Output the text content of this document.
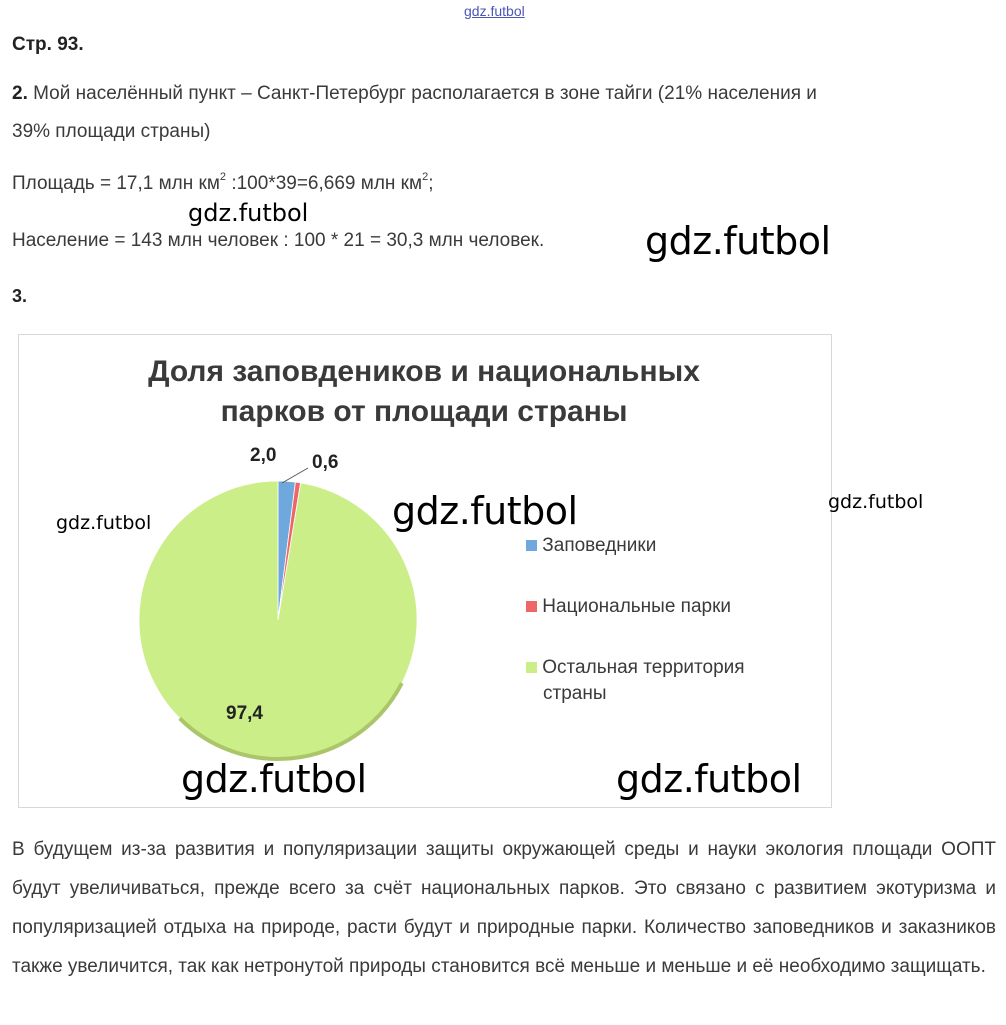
gdz.futbol
Стр. 93.
2. Мой населённый пункт – Санкт-Петербург располагается в зоне тайги (21% населения и
39% площади страны)
Площадь = 17,1 млн $км^2$ :100*39=6,669 млн $км^2$;
Население = 143 млн человек : 100 * 21 = 30,3 млн человек.
3.
Доля заповдеников и национальных
парков от площади страны
2,0 0,6
97,4
Заповедники
Национальные парки
Остальная территория
страны
В будущем из-за развития и популяризации защиты окружающей среды и науки экология площади ООПТ будут увеличиваться, прежде всего за счёт национальных парков. Это связано с развитием экотуризма и популяризацией отдыха на природе, расти будут и природные парки. Количество заповедников и заказников также увеличится, так как нетронутой природы становится всё меньше и меньше и её необходимо защищать.
gdz.futbol
gdz.futbol
gdz.futbol	gdz.futbol
gdz.futbol
gdz.futbol	gdz.futbol
